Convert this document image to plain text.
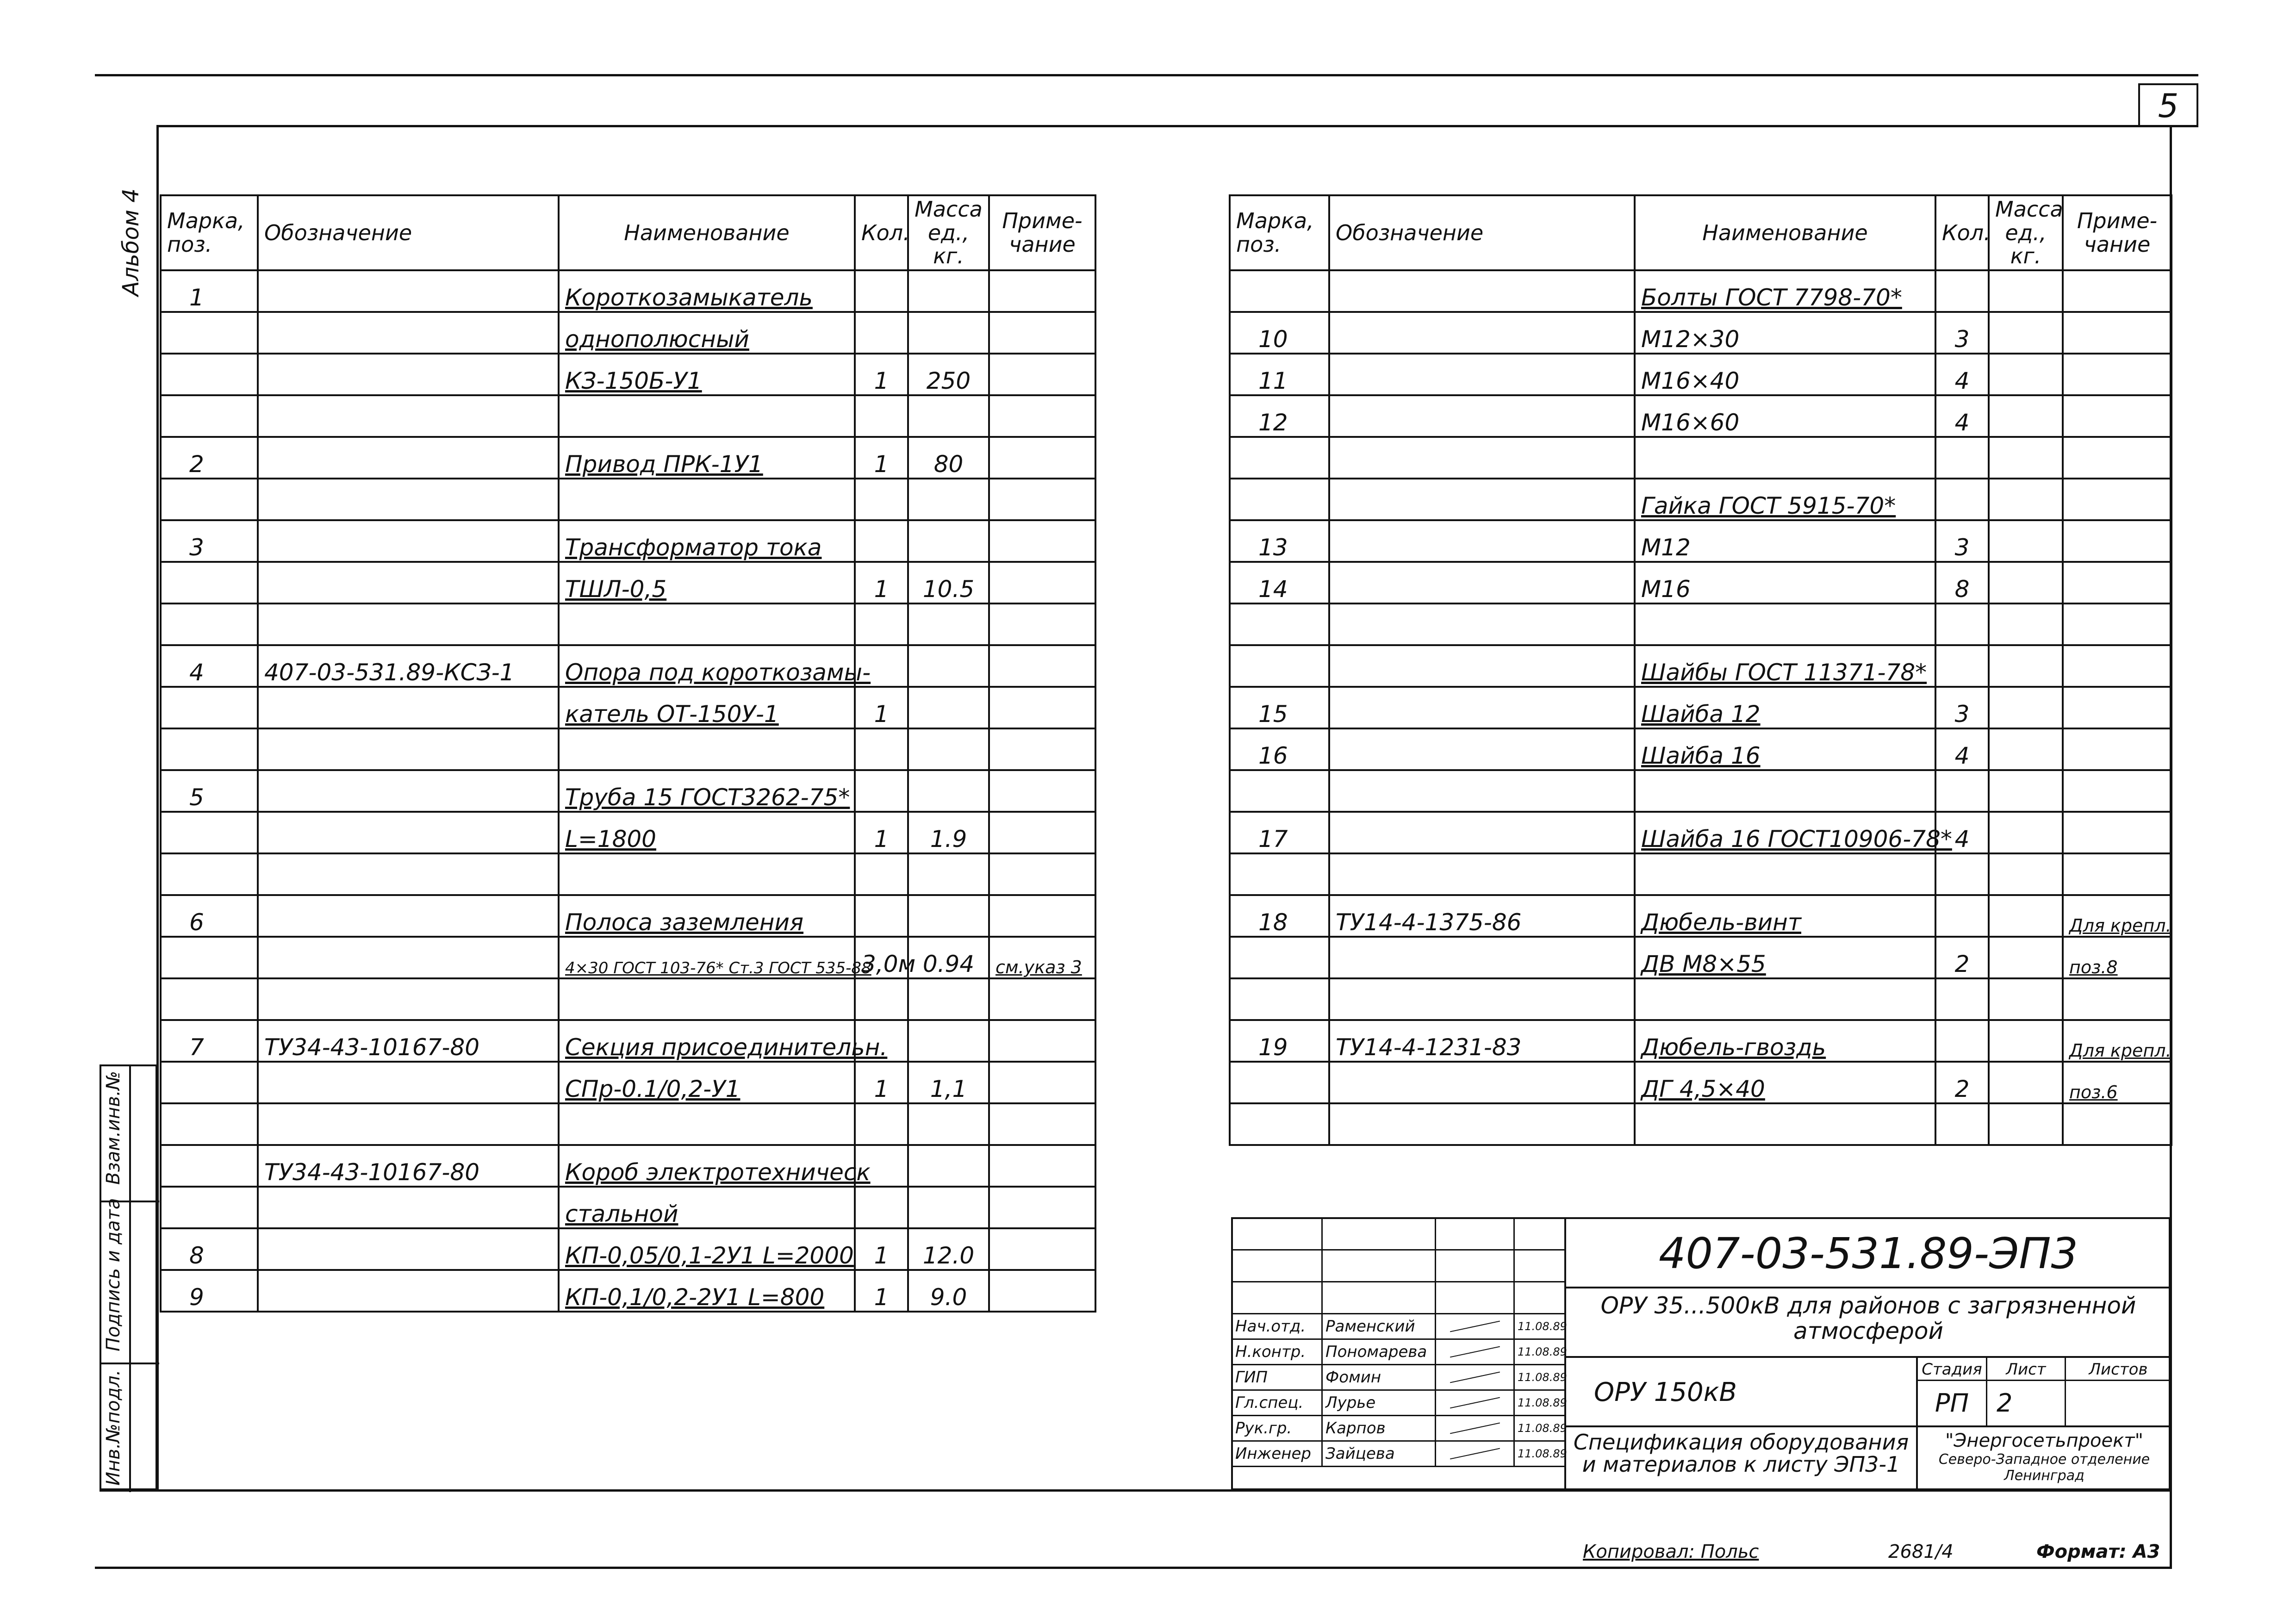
5
Альбом 4
Взам.инв.№
Подпись и дата
Инв.№подл.
Марка, поз.	Обозначение	Наименование	Кол.	Масса ед., кг.	Приме- чание
1		Короткозамыкатель			
		однополюсный			
		КЗ-150Б-У1	1	250	

2		Привод ПРК-1У1	1	80	

3		Трансформатор тока			
		ТШЛ-0,5	1	10.5	

4	407-03-531.89-КСЗ-1	Опора под короткозамы-			
		катель ОТ-150У-1	1		

5		Труба 15 ГОСТ3262-75*			
		L=1800	1	1.9	

6		Полоса заземления			
		4×30 ГОСТ 103-76* Ст.3 ГОСТ 535-88	3,0м	0.94	см.указ 3

7	ТУ34-43-10167-80	Секция присоединительн.			
		СПр-0.1/0,2-У1	1	1,1	

	ТУ34-43-10167-80	Короб электротехническ			
		стальной			
8		КП-0,05/0,1-2У1 L=2000	1	12.0	
9		КП-0,1/0,2-2У1 L=800	1	9.0	
Марка, поз.	Обозначение	Наименование	Кол.	Масса ед., кг.	Приме- чание
		Болты ГОСТ 7798-70*			
10		М12×30	3		
11		М16×40	4		
12		М16×60	4		

		Гайка ГОСТ 5915-70*			
13		М12	3		
14		М16	8		

		Шайбы ГОСТ 11371-78*			
15		Шайба 12	3		
16		Шайба 16	4		

17		Шайба 16 ГОСТ10906-78*	4		

18	ТУ14-4-1375-86	Дюбель-винт			Для крепл.
		ДВ М8×55	2		поз.8

19	ТУ14-4-1231-83	Дюбель-гвоздь			Для крепл.
		ДГ 4,5×40	2		поз.6

Нач.отд.	Раменский		11.08.89
Н.контр.	Пономарева		11.08.89
ГИП	Фомин		11.08.89
Гл.спец.	Лурье		11.08.89
Рук.гр.	Карпов		11.08.89
Инженер	Зайцева		11.08.89
407-03-531.89-ЭП3
ОРУ 35...500кВ для районов с загрязненной атмосферой
ОРУ 150кВ
Стадия	Лист	Листов
РП	2
Спецификация оборудования и материалов к листу ЭП3-1
"Энергосетьпроект"
Северо-Западное отделение
Ленинград
Копировал: Польс	2681/4	Формат: А3
